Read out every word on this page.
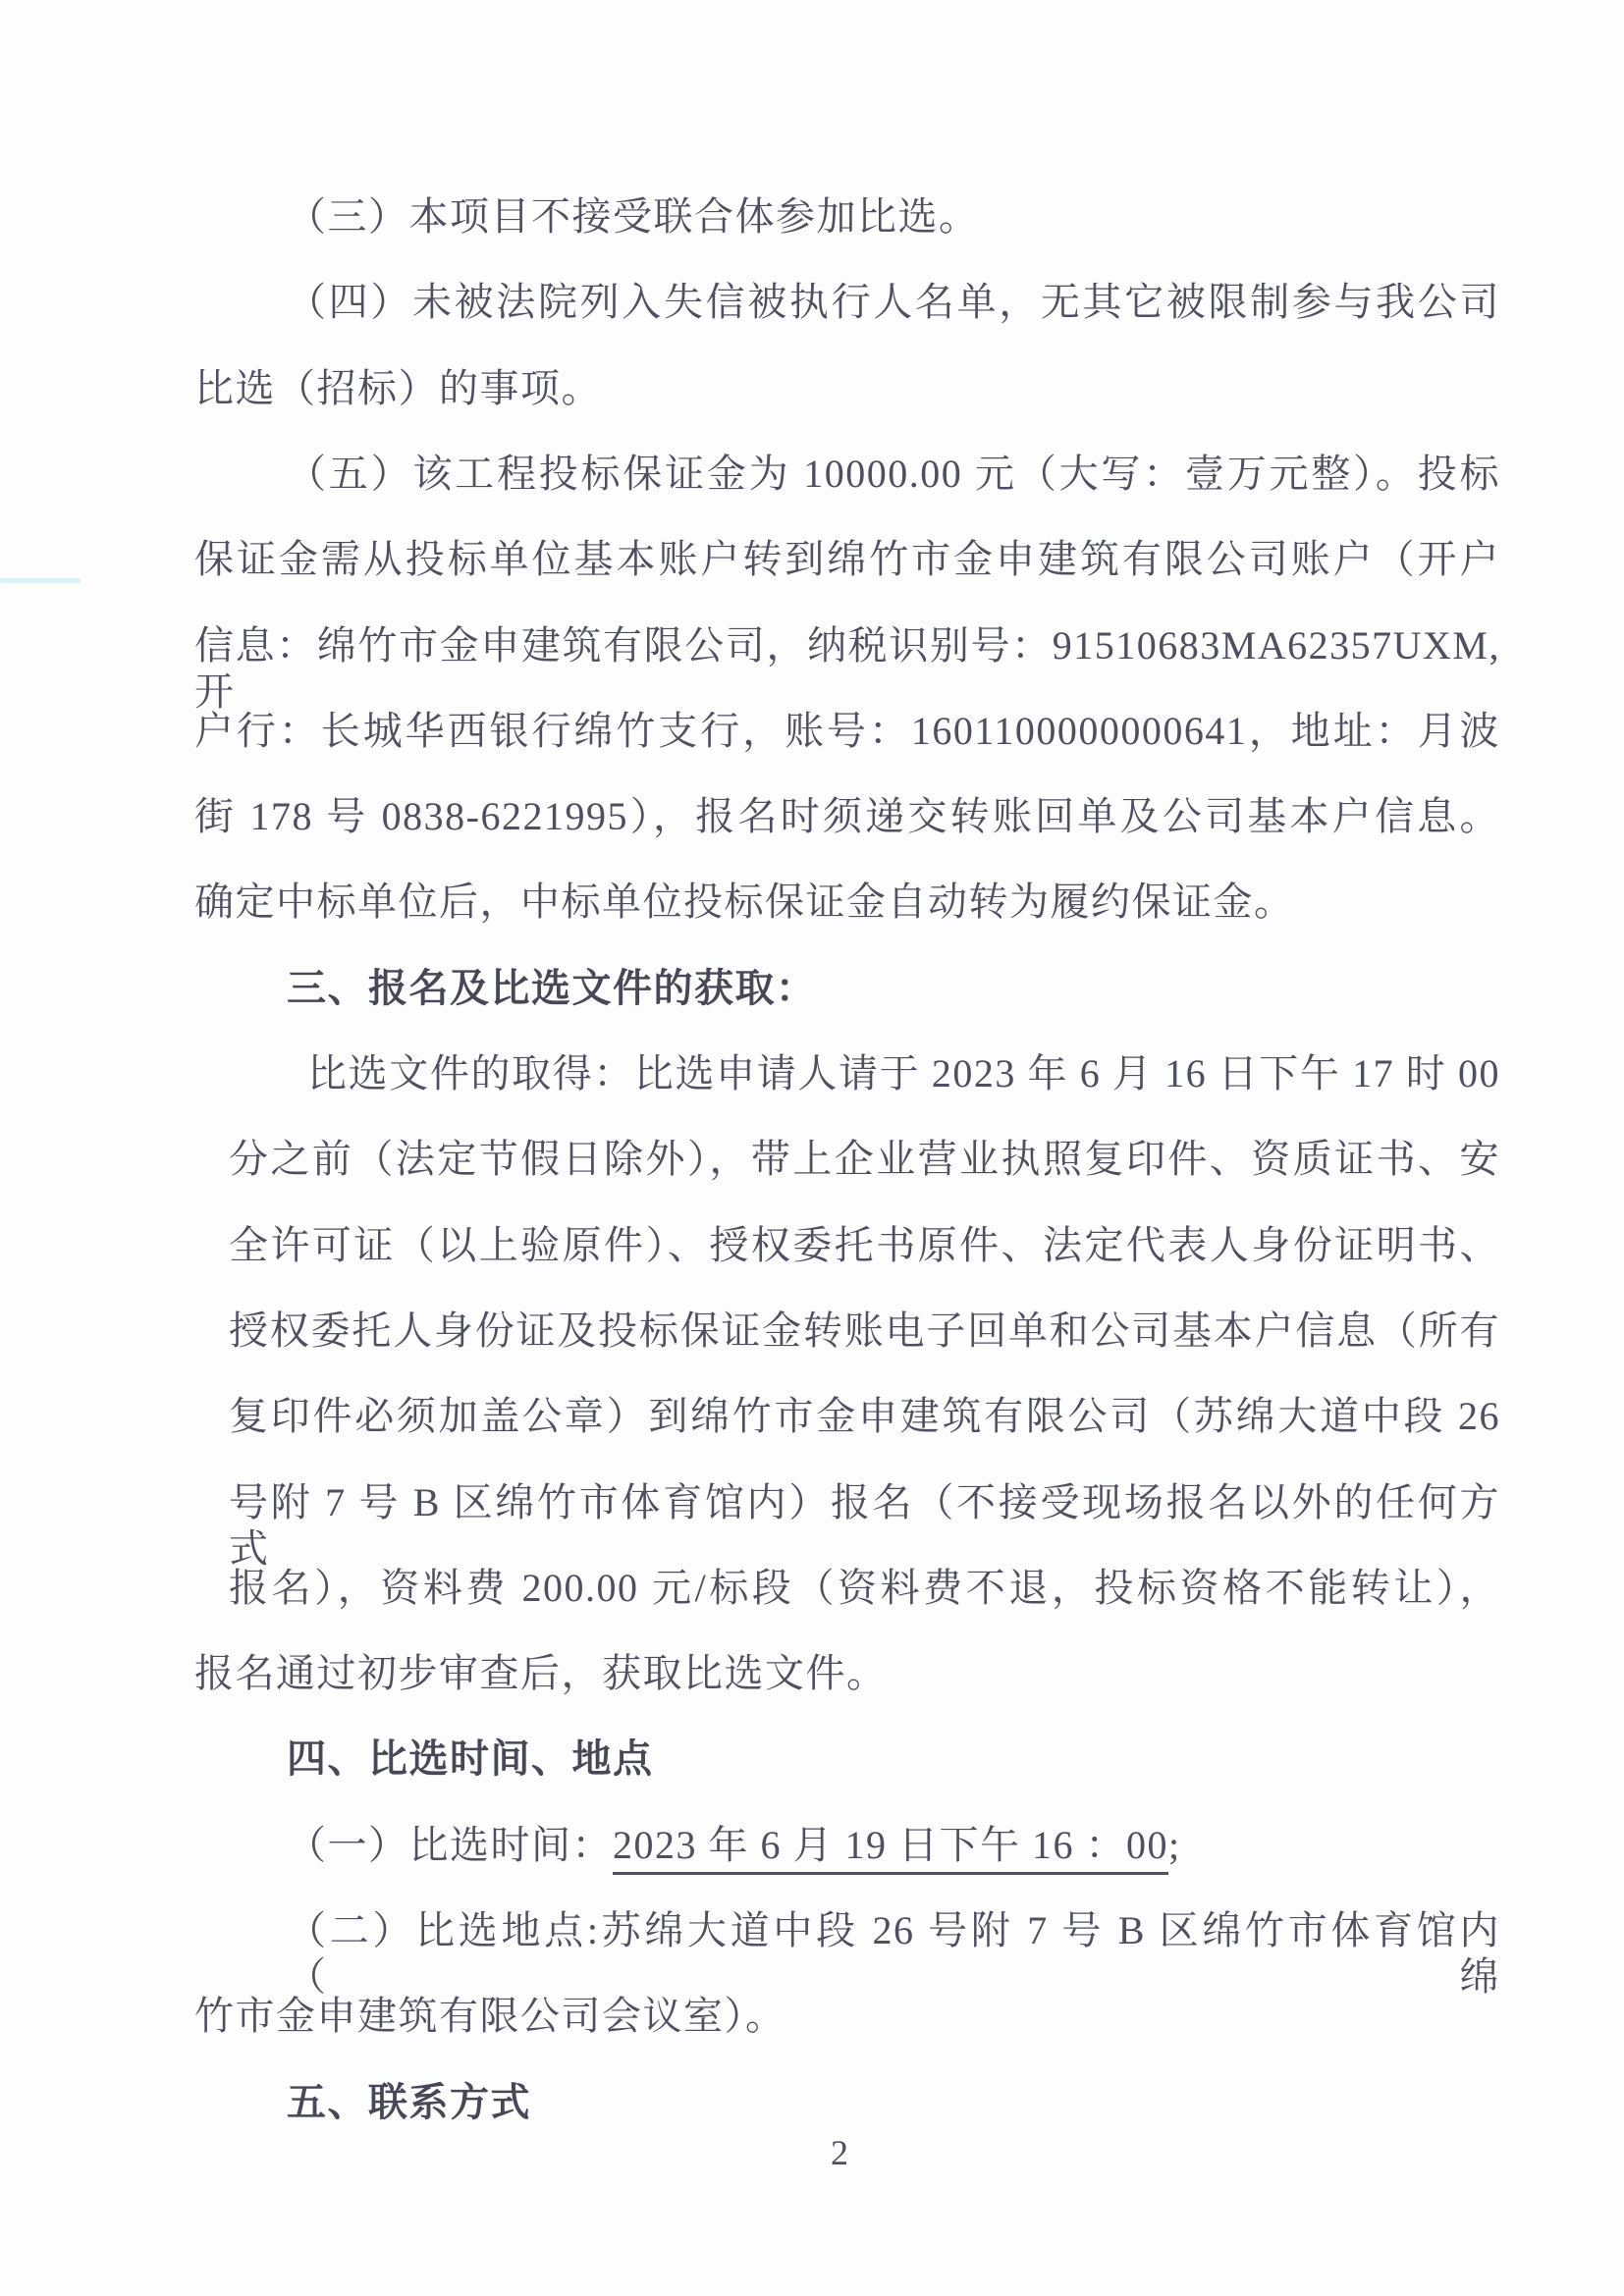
（三）本项目不接受联合体参加比选。
（四）未被法院列入失信被执行人名单，无其它被限制参与我公司
比选（招标）的事项。
（五）该工程投标保证金为 10000.00 元（大写：壹万元整）。投标
保证金需从投标单位基本账户转到绵竹市金申建筑有限公司账户（开户
信息：绵竹市金申建筑有限公司，纳税识别号：91510683MA62357UXM,开
户行：长城华西银行绵竹支行，账号：1601100000000641，地址：月波
街 178 号 0838-6221995），报名时须递交转账回单及公司基本户信息。
确定中标单位后，中标单位投标保证金自动转为履约保证金。
三、报名及比选文件的获取：
比选文件的取得：比选申请人请于 2023 年 6 月 16 日下午 17 时 00
分之前（法定节假日除外），带上企业营业执照复印件、资质证书、安
全许可证（以上验原件）、授权委托书原件、法定代表人身份证明书、
授权委托人身份证及投标保证金转账电子回单和公司基本户信息（所有
复印件必须加盖公章）到绵竹市金申建筑有限公司（苏绵大道中段 26
号附 7 号 B 区绵竹市体育馆内）报名（不接受现场报名以外的任何方式
报名），资料费 200.00 元/标段（资料费不退，投标资格不能转让），
报名通过初步审查后，获取比选文件。
四、比选时间、地点
（一）比选时间：2023 年 6 月 19 日下午 16 ：00;
（二）比选地点:苏绵大道中段 26 号附 7 号 B 区绵竹市体育馆内（绵
竹市金申建筑有限公司会议室）。
五、联系方式
2
